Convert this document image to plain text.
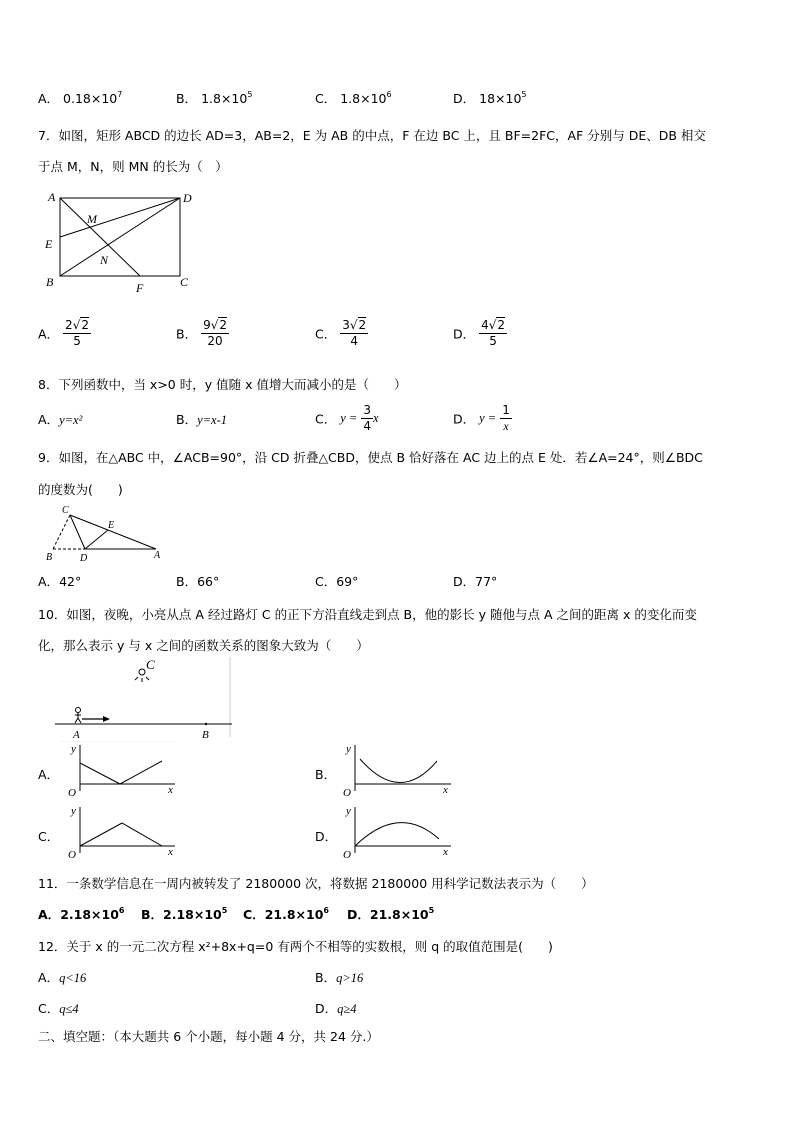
A． $0.18\times 10^7$	B． $1.8\times 10^5$	C． $1.8\times 10^6$	D． $18\times 10^5$
7．如图，矩形 ABCD 的边长 AD=3，AB=2，E 为 AB 的中点，F 在边 BC 上，且 BF=2FC，AF 分别与 DE、DB 相交
于点 M，N，则 MN 的长为（　）
A	D
E
M
N
B	F	C
A． $\frac{2√2}{5}$	B． $\frac{9√2}{20}$	C． $\frac{3√2}{4}$	D． $\frac{4√2}{5}$
8．下列函数中，当 x>0 时，y 值随 x 值增大而减小的是（　　）
A．y=x²	B．y=x-1	C． $y = \frac{3}{4}$ x	D． $y = \frac{1}{x}$
9．如图，在△ABC 中，∠ACB=90°，沿 CD 折叠△CBD，使点 B 恰好落在 AC 边上的点 E 处．若∠A=24°，则∠BDC
的度数为(　　)
C
E
B	D	A
A．42°	B．66°	C．69°	D．77°
10．如图，夜晚，小亮从点 A 经过路灯 C 的正下方沿直线走到点 B，他的影长 y 随他与点 A 之间的距离 x 的变化而变
化，那么表示 y 与 x 之间的函数关系的图象大致为（　　）
C
A	B
A．
y
x
O
B．
y
x
O
C．
y
x
O
D．
y
x
O
11．一条数学信息在一周内被转发了 2180000 次，将数据 2180000 用科学记数法表示为（　　）
A．$2.18\times 10^6$ B．$2.18\times 10^5$ C．$21.8\times 10^6$ D．$21.8\times 10^5$
12．关于 x 的一元二次方程 x²+8x+q=0 有两个不相等的实数根，则 q 的取值范围是(　　)
A．q<16	B．q>16
C．q≤4	D．q≥4
二、填空题：（本大题共 6 个小题，每小题 4 分，共 24 分.）
